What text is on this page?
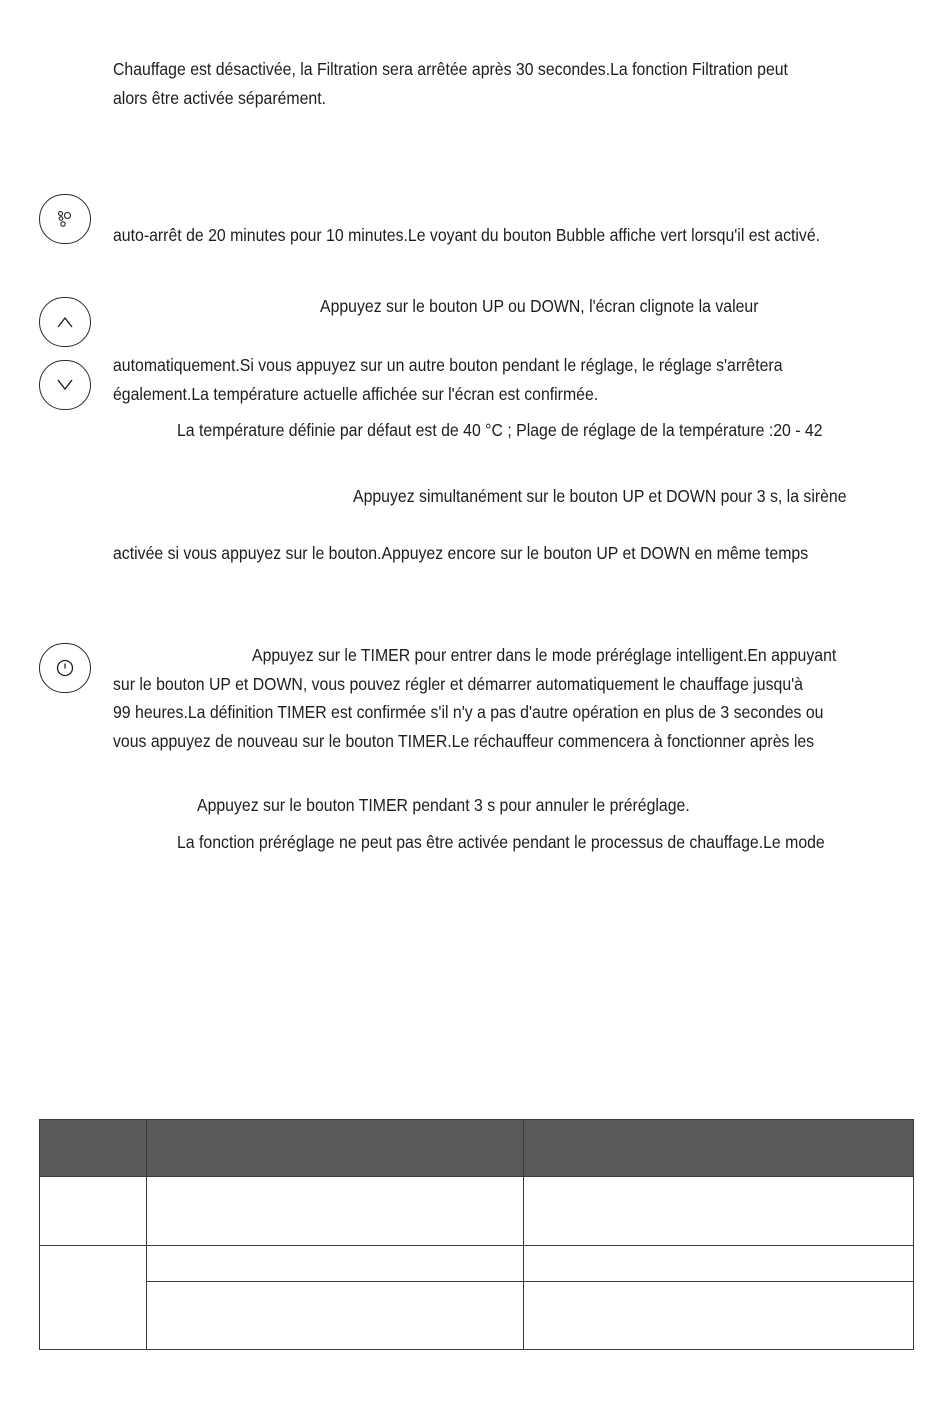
Chauffage est désactivée, la Filtration sera arrêtée après 30 secondes.La fonction Filtration peut
alors être activée séparément.
auto-arrêt de 20 minutes pour 10 minutes.Le voyant du bouton Bubble affiche vert lorsqu'il est activé.
Appuyez sur le bouton UP ou DOWN, l'écran clignote la valeur
automatiquement.Si vous appuyez sur un autre bouton pendant le réglage, le réglage s'arrêtera
également.La température actuelle affichée sur l'écran est confirmée.
La température définie par défaut est de 40 °C ; Plage de réglage de la température :20 - 42
Appuyez simultanément sur le bouton UP et DOWN pour 3 s, la sirène
activée si vous appuyez sur le bouton.Appuyez encore sur le bouton UP et DOWN en même temps
Appuyez sur le TIMER pour entrer dans le mode préréglage intelligent.En appuyant
sur le bouton UP et DOWN, vous pouvez régler et démarrer automatiquement le chauffage jusqu'à
99 heures.La définition TIMER est confirmée s'il n'y a pas d'autre opération en plus de 3 secondes ou
vous appuyez de nouveau sur le bouton TIMER.Le réchauffeur commencera à fonctionner après les
Appuyez sur le bouton TIMER pendant 3 s pour annuler le préréglage.
La fonction préréglage ne peut pas être activée pendant le processus de chauffage.Le mode
